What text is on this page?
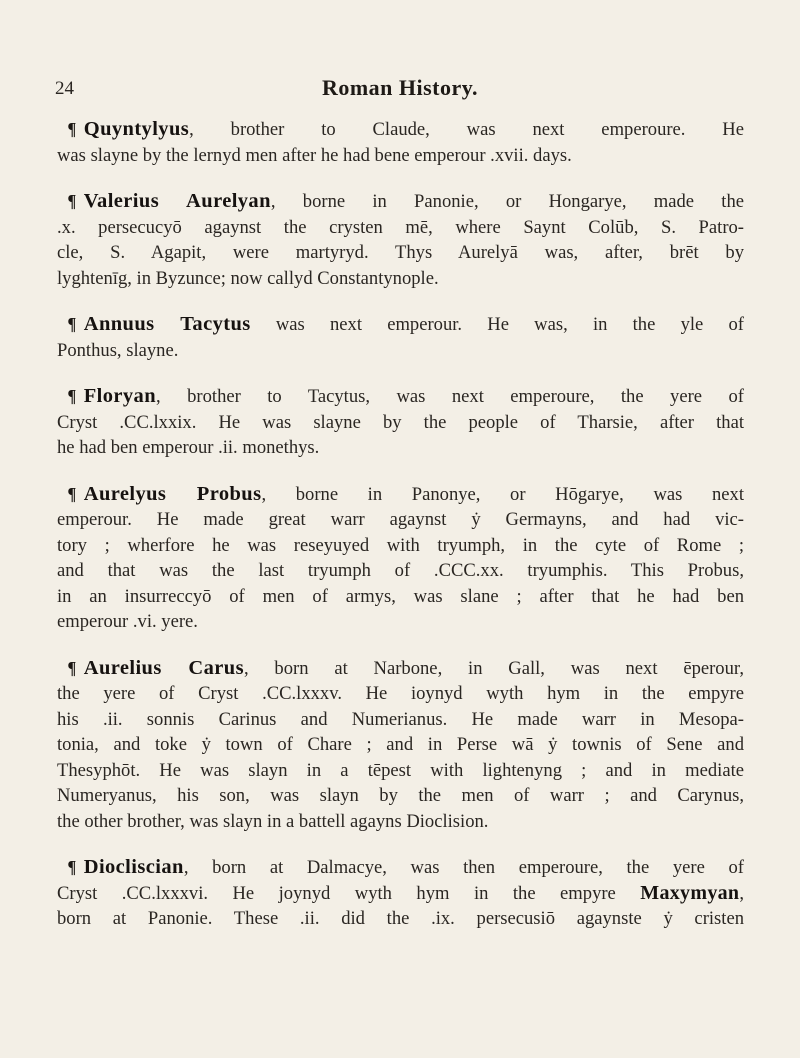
24	Roman History.

¶ Quyntylyus, brother to Claude, was next emperoure. He
was slayne by the lernyd men after he had bene emperour .xvii. days.

¶ Valerius Aurelyan, borne in Panonie, or Hongarye, made the
.x. persecucyō agaynst the crysten mē, where Saynt Colūb, S. Patro-
cle, S. Agapit, were martyryd. Thys Aurelyā was, after, brēt by
lyghtenīg, in Byzunce; now callyd Constantynople.

¶ Annuus Tacytus was next emperour. He was, in the yle of
Ponthus, slayne.

¶ Floryan, brother to Tacytus, was next emperoure, the yere of
Cryst .CC.lxxix. He was slayne by the people of Tharsie, after that
he had ben emperour .ii. monethys.

¶ Aurelyus Probus, borne in Panonye, or Hōgarye, was next
emperour. He made great warr agaynst ẏ Germayns, and had vic-
tory ; wherfore he was reseyuyed with tryumph, in the cyte of Rome ;
and that was the last tryumph of .CCC.xx. tryumphis. This Probus,
in an insurreccyō of men of armys, was slane ; after that he had ben
emperour .vi. yere.

¶ Aurelius Carus, born at Narbone, in Gall, was next ēperour,
the yere of Cryst .CC.lxxxv. He ioynyd wyth hym in the empyre
his .ii. sonnis Carinus and Numerianus. He made warr in Mesopa-
tonia, and toke ẏ town of Chare ; and in Perse wā ẏ townis of Sene and
Thesyphōt. He was slayn in a tēpest with lightenyng ; and in mediate
Numeryanus, his son, was slayn by the men of warr ; and Carynus,
the other brother, was slayn in a battell agayns Dioclision.

¶ Diocliscian, born at Dalmacye, was then emperoure, the yere of
Cryst .CC.lxxxvi. He joynyd wyth hym in the empyre Maxymyan,
born at Panonie. These .ii. did the .ix. persecusiō agaynste ẏ cristen
